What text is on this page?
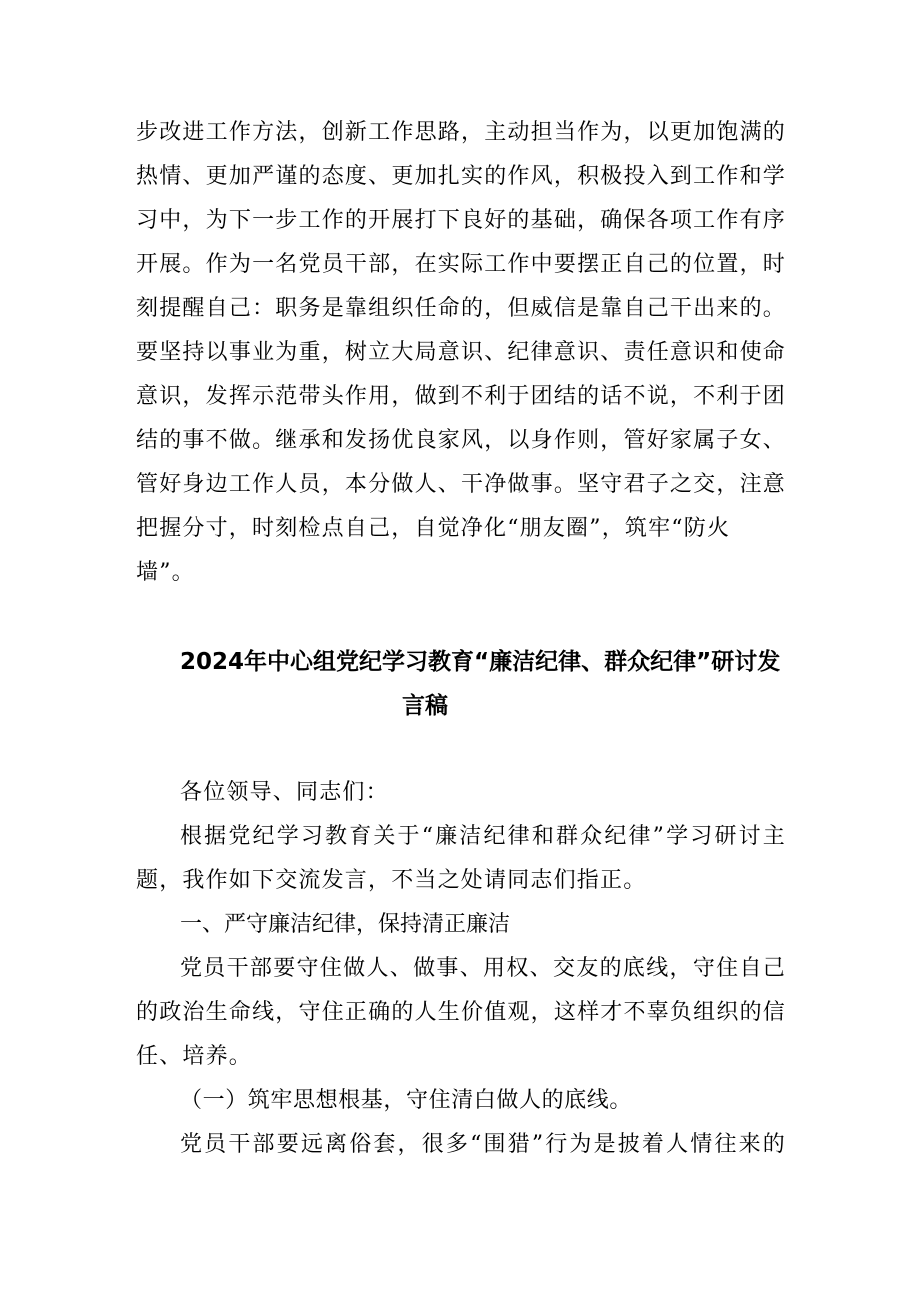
步改进工作方法，创新工作思路，主动担当作为，以更加饱满的
热情、更加严谨的态度、更加扎实的作风，积极投入到工作和学
习中，为下一步工作的开展打下良好的基础，确保各项工作有序
开展。作为一名党员干部，在实际工作中要摆正自己的位置，时
刻提醒自己：职务是靠组织任命的，但威信是靠自己干出来的。
要坚持以事业为重，树立大局意识、纪律意识、责任意识和使命
意识，发挥示范带头作用，做到不利于团结的话不说，不利于团
结的事不做。继承和发扬优良家风，以身作则，管好家属子女、
管好身边工作人员，本分做人、干净做事。坚守君子之交，注意
把握分寸，时刻检点自己，自觉净化“朋友圈”，筑牢“防火
墙”。
2024年中心组党纪学习教育“廉洁纪律、群众纪律”研讨发
言稿
各位领导、同志们：
根据党纪学习教育关于“廉洁纪律和群众纪律”学习研讨主
题，我作如下交流发言，不当之处请同志们指正。
一、严守廉洁纪律，保持清正廉洁
党员干部要守住做人、做事、用权、交友的底线，守住自己
的政治生命线，守住正确的人生价值观，这样才不辜负组织的信
任、培养。
（一）筑牢思想根基，守住清白做人的底线。
党员干部要远离俗套，很多“围猎”行为是披着人情往来的
